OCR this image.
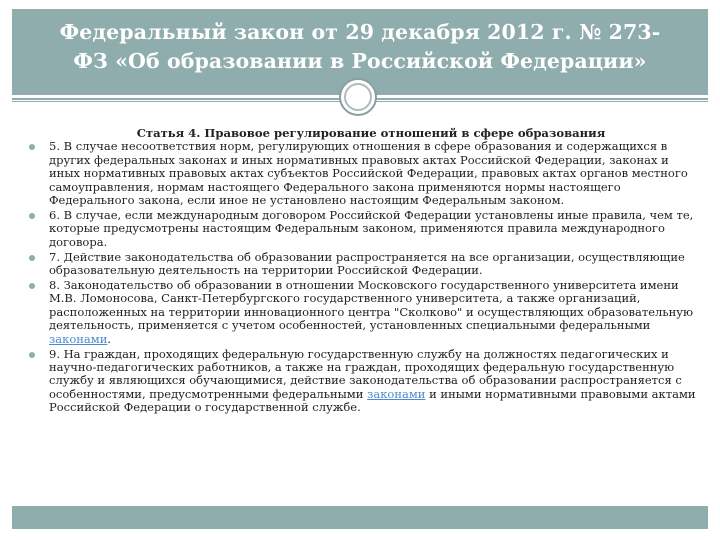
Федеральный закон от 29 декабря 2012 г. № 273-
ФЗ «Об образовании в Российской Федерации»
Статья 4. Правовое регулирование отношений в сфере образования
5. В случае несоответствия норм, регулирующих отношения в сфере образования и содержащихся в других федеральных законах и иных нормативных правовых актах Российской Федерации, законах и иных нормативных правовых актах субъектов Российской Федерации, правовых актах органов местного самоуправления, нормам настоящего Федерального закона применяются нормы настоящего Федерального закона, если иное не установлено настоящим Федеральным законом.
6. В случае, если международным договором Российской Федерации установлены иные правила, чем те, которые предусмотрены настоящим Федеральным законом, применяются правила международного договора.
7. Действие законодательства об образовании распространяется на все организации, осуществляющие образовательную деятельность на территории Российской Федерации.
8. Законодательство об образовании в отношении Московского государственного университета имени М.В. Ломоносова, Санкт-Петербургского государственного университета, а также организаций, расположенных на территории инновационного центра "Сколково" и осуществляющих образовательную деятельность, применяется с учетом особенностей, установленных специальными федеральными законами.
9. На граждан, проходящих федеральную государственную службу на должностях педагогических и научно-педагогических работников, а также на граждан, проходящих федеральную государственную службу и являющихся обучающимися, действие законодательства об образовании распространяется с особенностями, предусмотренными федеральными законами и иными нормативными правовыми актами Российской Федерации о государственной службе.
